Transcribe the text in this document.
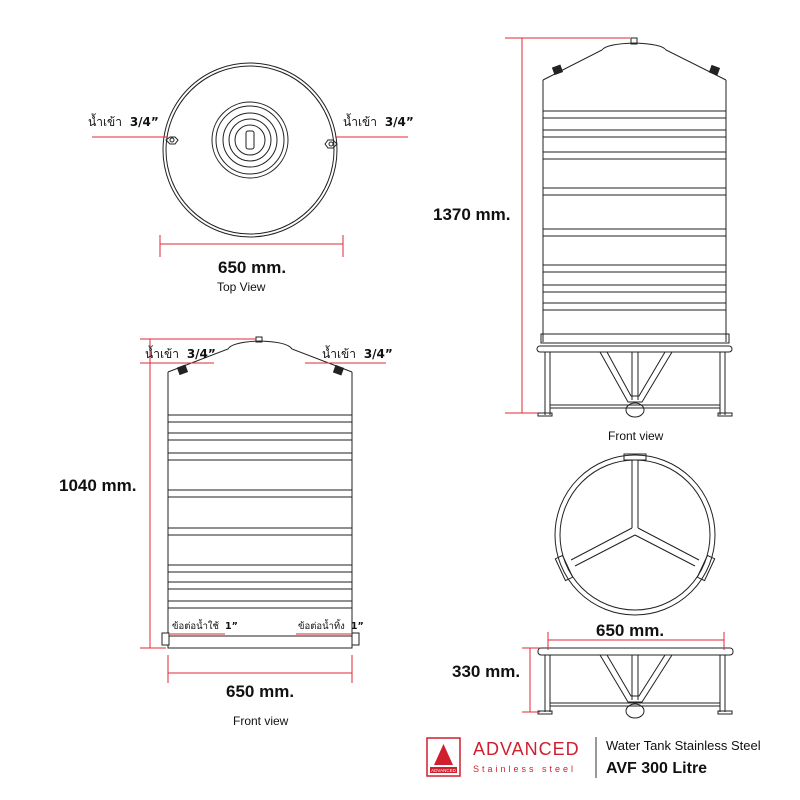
650 mm.
Top View
น้ำเข้า 3/4”	น้ำเข้า 3/4”
1040 mm.
650 mm.
Front view
น้ำเข้า 3/4”	น้ำเข้า 3/4”
ข้อต่อน้ำใช้ 1”	ข้อต่อน้ำทิ้ง 1”
1370 mm.
Front view
650 mm.
330 mm.
ADVANCED
ADVANCED
Stainless steel
Water Tank Stainless Steel
AVF 300 Litre
